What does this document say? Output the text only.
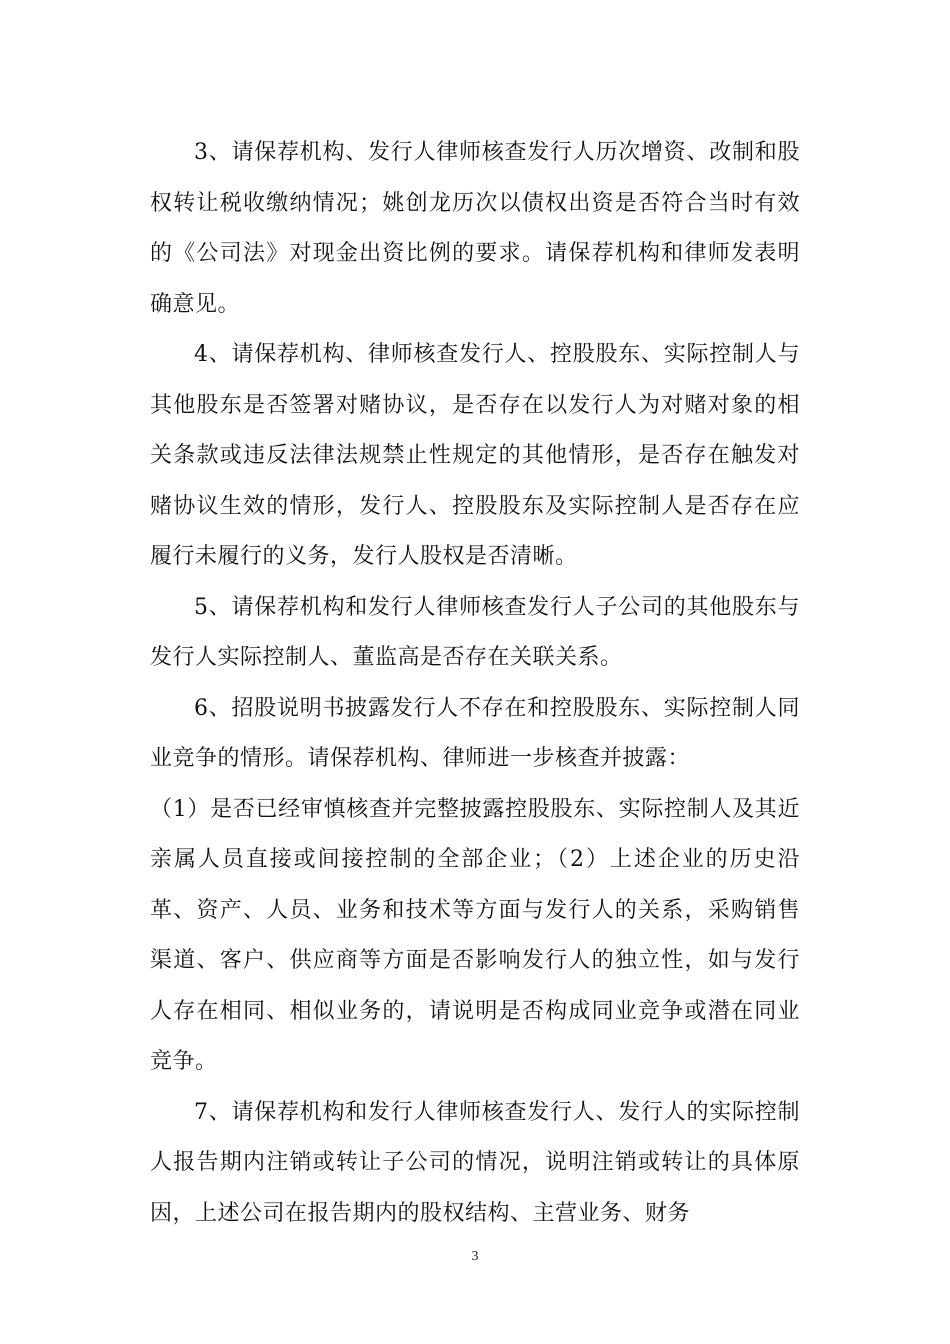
3、请保荐机构、发行人律师核查发行人历次增资、改制和股权转让税收缴纳情况；姚创龙历次以债权出资是否符合当时有效的《公司法》对现金出资比例的要求。请保荐机构和律师发表明确意见。

4、请保荐机构、律师核查发行人、控股股东、实际控制人与其他股东是否签署对赌协议，是否存在以发行人为对赌对象的相关条款或违反法律法规禁止性规定的其他情形，是否存在触发对赌协议生效的情形，发行人、控股股东及实际控制人是否存在应履行未履行的义务，发行人股权是否清晰。

5、请保荐机构和发行人律师核查发行人子公司的其他股东与发行人实际控制人、董监高是否存在关联关系。

6、招股说明书披露发行人不存在和控股股东、实际控制人同业竞争的情形。请保荐机构、律师进一步核查并披露：

（1）是否已经审慎核查并完整披露控股股东、实际控制人及其近亲属人员直接或间接控制的全部企业；（2）上述企业的历史沿革、资产、人员、业务和技术等方面与发行人的关系，采购销售渠道、客户、供应商等方面是否影响发行人的独立性，如与发行人存在相同、相似业务的，请说明是否构成同业竞争或潜在同业竞争。

7、请保荐机构和发行人律师核查发行人、发行人的实际控制人报告期内注销或转让子公司的情况，说明注销或转让的具体原因，上述公司在报告期内的股权结构、主营业务、财务

3
